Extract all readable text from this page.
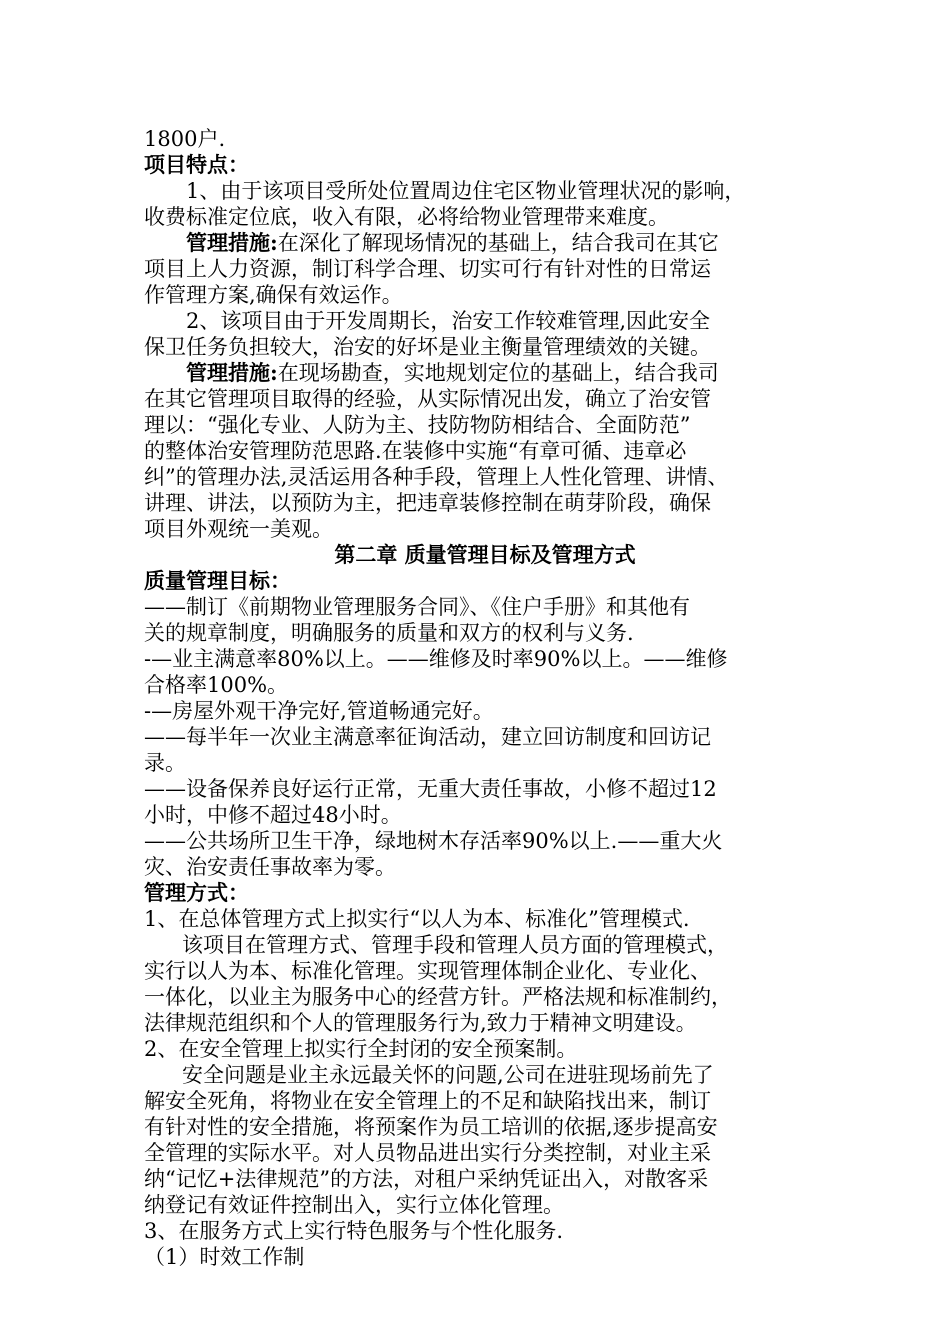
1800户.
项目特点：
1、由于该项目受所处位置周边住宅区物业管理状况的影响，
收费标准定位底，收入有限，必将给物业管理带来难度。
管理措施:在深化了解现场情况的基础上，结合我司在其它
项目上人力资源，制订科学合理、切实可行有针对性的日常运
作管理方案,确保有效运作。
2、该项目由于开发周期长，治安工作较难管理,因此安全
保卫任务负担较大，治安的好坏是业主衡量管理绩效的关键。
管理措施:在现场勘查，实地规划定位的基础上，结合我司
在其它管理项目取得的经验，从实际情况出发，确立了治安管
理以：“强化专业、人防为主、技防物防相结合、全面防范”
的整体治安管理防范思路.在装修中实施“有章可循、违章必
纠”的管理办法,灵活运用各种手段，管理上人性化管理、讲情、
讲理、讲法，以预防为主，把违章装修控制在萌芽阶段，确保
项目外观统一美观。
第二章 质量管理目标及管理方式
质量管理目标：
——制订《前期物业管理服务合同》、《住户手册》和其他有
关的规章制度，明确服务的质量和双方的权利与义务.
-—业主满意率80%以上。——维修及时率90%以上。——维修
合格率100%。
-—房屋外观干净完好,管道畅通完好。
——每半年一次业主满意率征询活动，建立回访制度和回访记
录。
——设备保养良好运行正常，无重大责任事故，小修不超过12
小时，中修不超过48小时。
——公共场所卫生干净，绿地树木存活率90%以上.——重大火
灾、治安责任事故率为零。
管理方式：
1、在总体管理方式上拟实行“以人为本、标准化”管理模式.
该项目在管理方式、管理手段和管理人员方面的管理模式，
实行以人为本、标准化管理。实现管理体制企业化、专业化、
一体化，以业主为服务中心的经营方针。严格法规和标准制约，
法律规范组织和个人的管理服务行为,致力于精神文明建设。
2、在安全管理上拟实行全封闭的安全预案制。
安全问题是业主永远最关怀的问题,公司在进驻现场前先了
解安全死角，将物业在安全管理上的不足和缺陷找出来，制订
有针对性的安全措施，将预案作为员工培训的依据,逐步提高安
全管理的实际水平。对人员物品进出实行分类控制，对业主采
纳“记忆+法律规范”的方法，对租户采纳凭证出入，对散客采
纳登记有效证件控制出入，实行立体化管理。
3、在服务方式上实行特色服务与个性化服务.
（1）时效工作制
